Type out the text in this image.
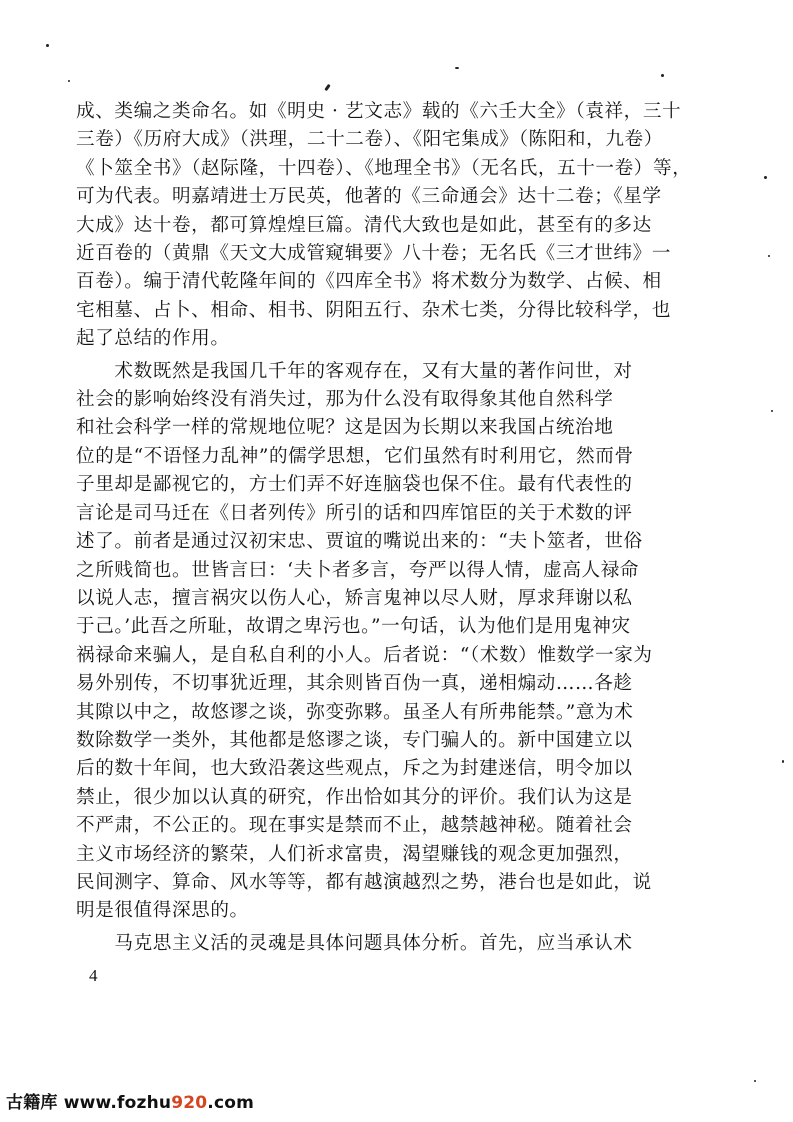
成、类编之类命名。如《明史 · 艺文志》载的《六壬大全》（袁祥，三十

三卷）《历府大成》（洪理，二十二卷）、《阳宅集成》（陈阳和，九卷）

《卜筮全书》（赵际隆，十四卷）、《地理全书》（无名氏，五十一卷）等，

可为代表。明嘉靖进士万民英，他著的《三命通会》达十二卷；《星学

大成》达十卷，都可算煌煌巨篇。清代大致也是如此，甚至有的多达

近百卷的（黄鼎《天文大成管窥辑要》八十卷；无名氏《三才世纬》一

百卷）。编于清代乾隆年间的《四库全书》将术数分为数学、占候、相

宅相墓、占卜、相命、相书、阴阳五行、杂术七类，分得比较科学，也

起了总结的作用。

　　术数既然是我国几千年的客观存在，又有大量的著作问世，对

社会的影响始终没有消失过，那为什么没有取得象其他自然科学

和社会科学一样的常规地位呢？这是因为长期以来我国占统治地

位的是“不语怪力乱神”的儒学思想，它们虽然有时利用它，然而骨

子里却是鄙视它的，方士们弄不好连脑袋也保不住。最有代表性的

言论是司马迁在《日者列传》所引的话和四库馆臣的关于术数的评

述了。前者是通过汉初宋忠、贾谊的嘴说出来的：“夫卜筮者，世俗

之所贱简也。世皆言曰：‘夫卜者多言，夸严以得人情，虚高人禄命

以说人志，擅言祸灾以伤人心，矫言鬼神以尽人财，厚求拜谢以私

于己。’此吾之所耻，故谓之卑污也。”一句话，认为他们是用鬼神灾

祸禄命来骗人，是自私自利的小人。后者说：“（术数）惟数学一家为

易外别传，不切事犹近理，其余则皆百伪一真，递相煽动……各趁

其隙以中之，故悠谬之谈，弥变弥夥。虽圣人有所弗能禁。”意为术

数除数学一类外，其他都是悠谬之谈，专门骗人的。新中国建立以

后的数十年间，也大致沿袭这些观点，斥之为封建迷信，明令加以

禁止，很少加以认真的研究，作出恰如其分的评价。我们认为这是

不严肃，不公正的。现在事实是禁而不止，越禁越神秘。随着社会

主义市场经济的繁荣，人们祈求富贵，渴望赚钱的观念更加强烈，

民间测字、算命、风水等等，都有越演越烈之势，港台也是如此，说

明是很值得深思的。

　　马克思主义活的灵魂是具体问题具体分析。首先，应当承认术

4
古籍库 www.fozhu920.com
